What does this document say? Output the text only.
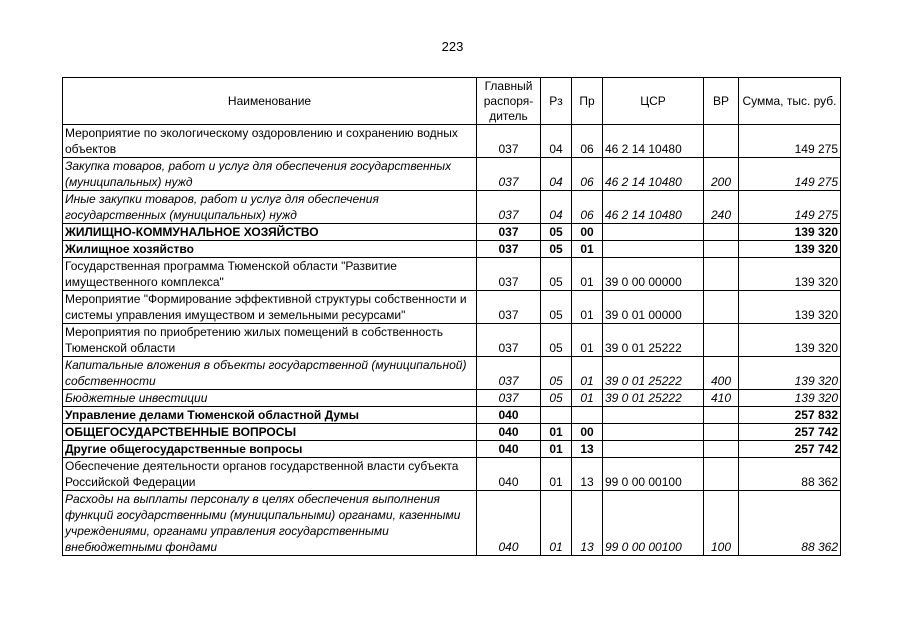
223
Наименование	Главный распоря-дитель	Рз	Пр	ЦСР	ВР	Сумма, тыс. руб.
Мероприятие по экологическому оздоровлению и сохранению водных объектов	037	04	06	46 2 14 10480		149 275
Закупка товаров, работ и услуг для обеспечения государственных (муниципальных) нужд	037	04	06	46 2 14 10480	200	149 275
Иные закупки товаров, работ и услуг для обеспечения государственных (муниципальных) нужд	037	04	06	46 2 14 10480	240	149 275
ЖИЛИЩНО-КОММУНАЛЬНОЕ ХОЗЯЙСТВО	037	05	00			139 320
Жилищное хозяйство	037	05	01			139 320
Государственная программа Тюменской области "Развитие имущественного комплекса"	037	05	01	39 0 00 00000		139 320
Мероприятие "Формирование эффективной структуры собственности и системы управления имуществом и земельными ресурсами"	037	05	01	39 0 01 00000		139 320
Мероприятия по приобретению жилых помещений в собственность Тюменской области	037	05	01	39 0 01 25222		139 320
Капитальные вложения в объекты государственной (муниципальной) собственности	037	05	01	39 0 01 25222	400	139 320
Бюджетные инвестиции	037	05	01	39 0 01 25222	410	139 320
Управление делами Тюменской областной Думы	040					257 832
ОБЩЕГОСУДАРСТВЕННЫЕ ВОПРОСЫ	040	01	00			257 742
Другие общегосударственные вопросы	040	01	13			257 742
Обеспечение деятельности органов государственной власти субъекта Российской Федерации	040	01	13	99 0 00 00100		88 362
Расходы на выплаты персоналу в целях обеспечения выполнения функций государственными (муниципальными) органами, казенными учреждениями, органами управления государственными внебюджетными фондами	040	01	13	99 0 00 00100	100	88 362
